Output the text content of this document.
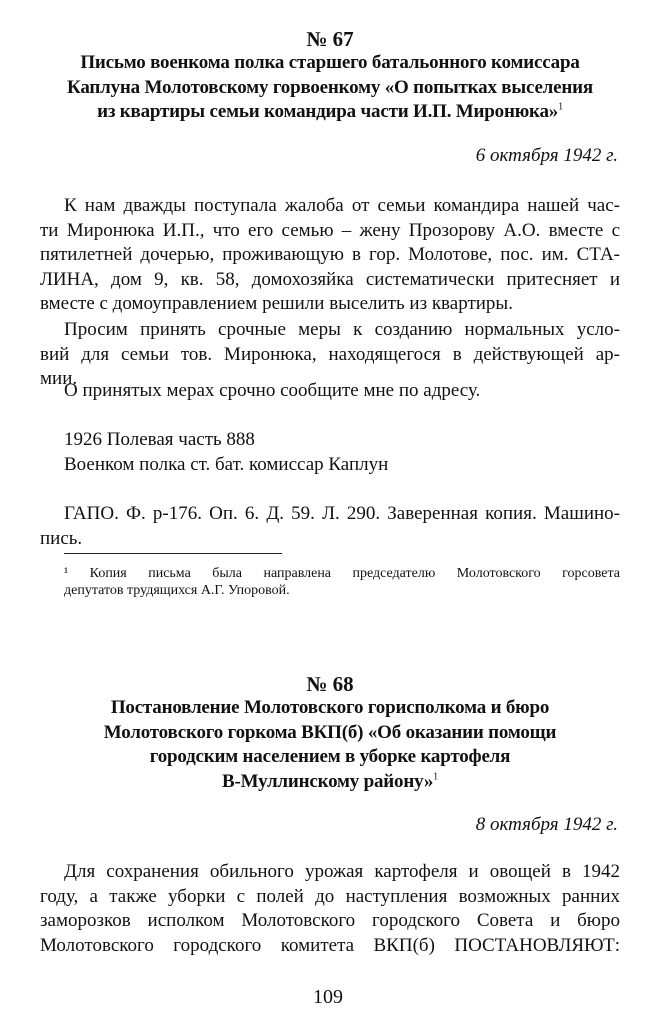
№ 67
Письмо военкома полка старшего батальонного комиссара
Каплуна Молотовскому горвоенкому «О попытках выселения
из квартиры семьи командира части И.П. Миронюка»$^1$
6 октября 1942 г.
К нам дважды поступала жалоба от семьи командира нашей час-
ти Миронюка И.П., что его семью – жену Прозорову А.О. вместе с
пятилетней дочерью, проживающую в гор. Молотове, пос. им. СТА-
ЛИНА, дом 9, кв. 58, домохозяйка систематически притесняет и
вместе с домоуправлением решили выселить из квартиры.
Просим принять срочные меры к созданию нормальных усло-
вий для семьи тов. Миронюка, находящегося в действующей ар-
мии.
О принятых мерах срочно сообщите мне по адресу.
1926 Полевая часть 888
Военком полка ст. бат. комиссар Каплун
ГАПО. Ф. р-176. Оп. 6. Д. 59. Л. 290. Заверенная копия. Машино-
пись.
¹ Копия письма была направлена председателю Молотовского горсовета
депутатов трудящихся А.Г. Упоровой.
№ 68
Постановление Молотовского горисполкома и бюро
Молотовского горкома ВКП(б) «Об оказании помощи
городским населением в уборке картофеля
В-Муллинскому району»$^1$
8 октября 1942 г.
Для сохранения обильного урожая картофеля и овощей в 1942
году, а также уборки с полей до наступления возможных ранних
заморозков исполком Молотовского городского Совета и бюро
Молотовского городского комитета ВКП(б) ПОСТАНОВЛЯЮТ:
109
